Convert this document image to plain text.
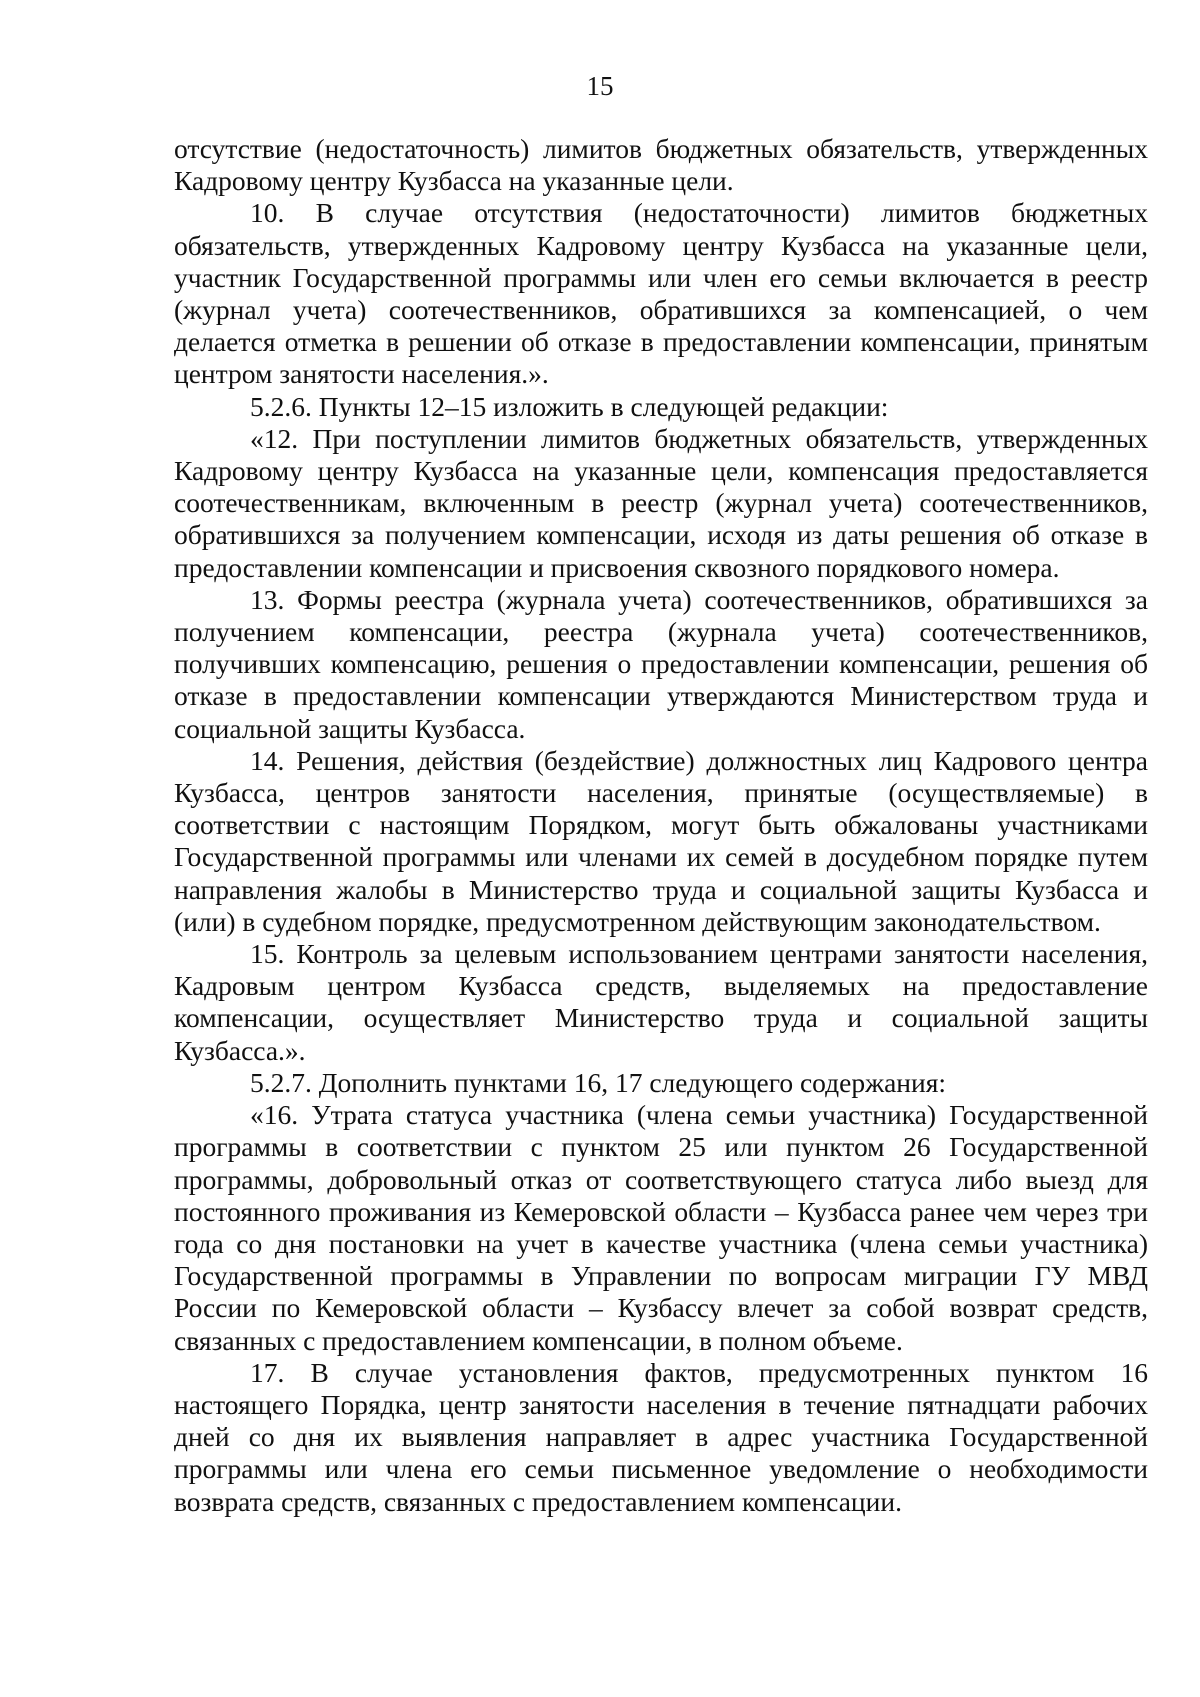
15

отсутствие (недостаточность) лимитов бюджетных обязательств, утвержденных Кадровому центру Кузбасса на указанные цели.

10. В случае отсутствия (недостаточности) лимитов бюджетных обязательств, утвержденных Кадровому центру Кузбасса на указанные цели, участник Государственной программы или член его семьи включается в реестр (журнал учета) соотечественников, обратившихся за компенсацией, о чем делается отметка в решении об отказе в предоставлении компенсации, принятым центром занятости населения.».

5.2.6. Пункты 12–15 изложить в следующей редакции:

«12. При поступлении лимитов бюджетных обязательств, утвержденных Кадровому центру Кузбасса на указанные цели, компенсация предоставляется соотечественникам, включенным в реестр (журнал учета) соотечественников, обратившихся за получением компенсации, исходя из даты решения об отказе в предоставлении компенсации и присвоения сквозного порядкового номера.

13. Формы реестра (журнала учета) соотечественников, обратившихся за получением компенсации, реестра (журнала учета) соотечественников, получивших компенсацию, решения о предоставлении компенсации, решения об отказе в предоставлении компенсации утверждаются Министерством труда и социальной защиты Кузбасса.

14. Решения, действия (бездействие) должностных лиц Кадрового центра Кузбасса, центров занятости населения, принятые (осуществляемые) в соответствии с настоящим Порядком, могут быть обжалованы участниками Государственной программы или членами их семей в досудебном порядке путем направления жалобы в Министерство труда и социальной защиты Кузбасса и (или) в судебном порядке, предусмотренном действующим законодательством.

15. Контроль за целевым использованием центрами занятости населения, Кадровым центром Кузбасса средств, выделяемых на предоставление компенсации, осуществляет Министерство труда и социальной защиты Кузбасса.».

5.2.7. Дополнить пунктами 16, 17 следующего содержания:

«16. Утрата статуса участника (члена семьи участника) Государственной программы в соответствии с пунктом 25 или пунктом 26 Государственной программы, добровольный отказ от соответствующего статуса либо выезд для постоянного проживания из Кемеровской области – Кузбасса ранее чем через три года со дня постановки на учет в качестве участника (члена семьи участника) Государственной программы в Управлении по вопросам миграции ГУ МВД России по Кемеровской области – Кузбассу влечет за собой возврат средств, связанных с предоставлением компенсации, в полном объеме.

17. В случае установления фактов, предусмотренных пунктом 16 настоящего Порядка, центр занятости населения в течение пятнадцати рабочих дней со дня их выявления направляет в адрес участника Государственной программы или члена его семьи письменное уведомление о необходимости возврата средств, связанных с предоставлением компенсации.
